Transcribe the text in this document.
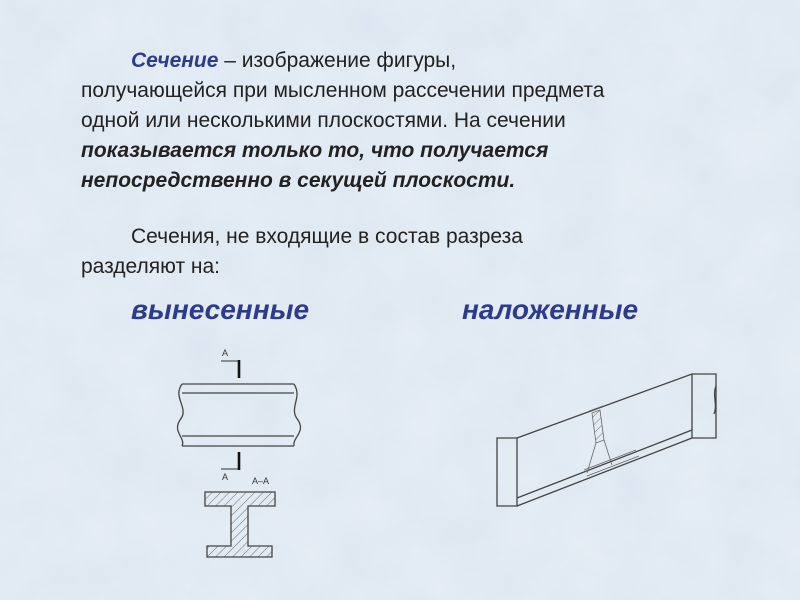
Сечение – изображение фигуры,
получающейся при мысленном рассечении предмета
одной или несколькими плоскостями. На сечении
показывается только то, что получается
непосредственно в секущей плоскости.
Сечения, не входящие в состав разреза
разделяют на:
вынесенные	наложенные
А
А	А–А
